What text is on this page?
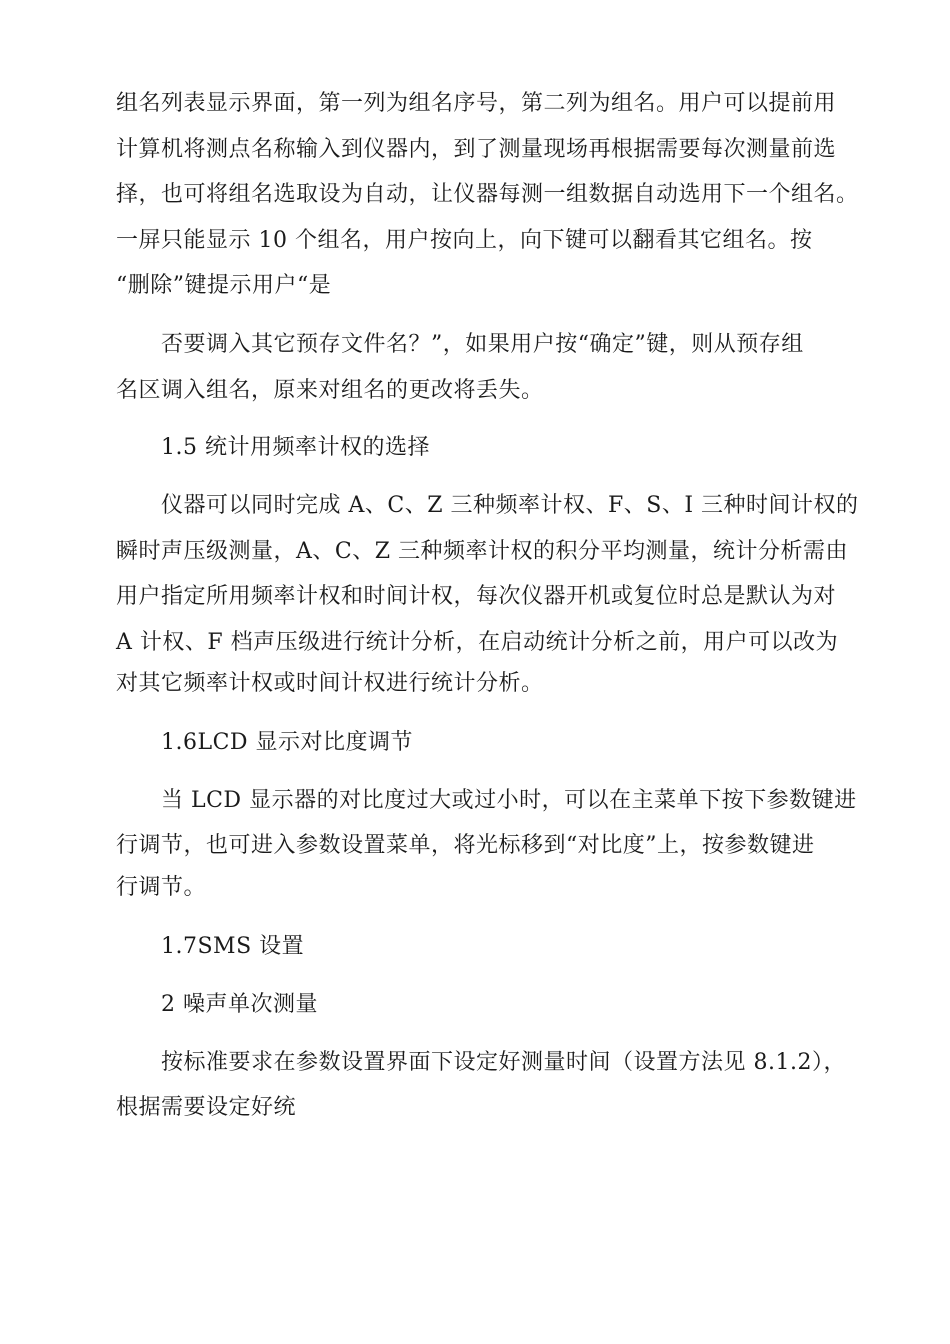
组名列表显示界面，第一列为组名序号，第二列为组名。用户可以提前用
计算机将测点名称输入到仪器内，到了测量现场再根据需要每次测量前选
择，也可将组名选取设为自动，让仪器每测一组数据自动选用下一个组名。
一屏只能显示 10 个组名，用户按向上，向下键可以翻看其它组名。按
“删除”键提示用户“是
否要调入其它预存文件名？”，如果用户按“确定”键，则从预存组
名区调入组名，原来对组名的更改将丢失。
1.5 统计用频率计权的选择
仪器可以同时完成 A、C、Z 三种频率计权、F、S、I 三种时间计权的
瞬时声压级测量，A、C、Z 三种频率计权的积分平均测量，统计分析需由
用户指定所用频率计权和时间计权，每次仪器开机或复位时总是默认为对
A 计权、F 档声压级进行统计分析，在启动统计分析之前，用户可以改为
对其它频率计权或时间计权进行统计分析。
1.6LCD 显示对比度调节
当 LCD 显示器的对比度过大或过小时，可以在主菜单下按下参数键进
行调节，也可进入参数设置菜单，将光标移到“对比度”上，按参数键进
行调节。
1.7SMS 设置
2 噪声单次测量
按标准要求在参数设置界面下设定好测量时间（设置方法见 8.1.2），
根据需要设定好统
